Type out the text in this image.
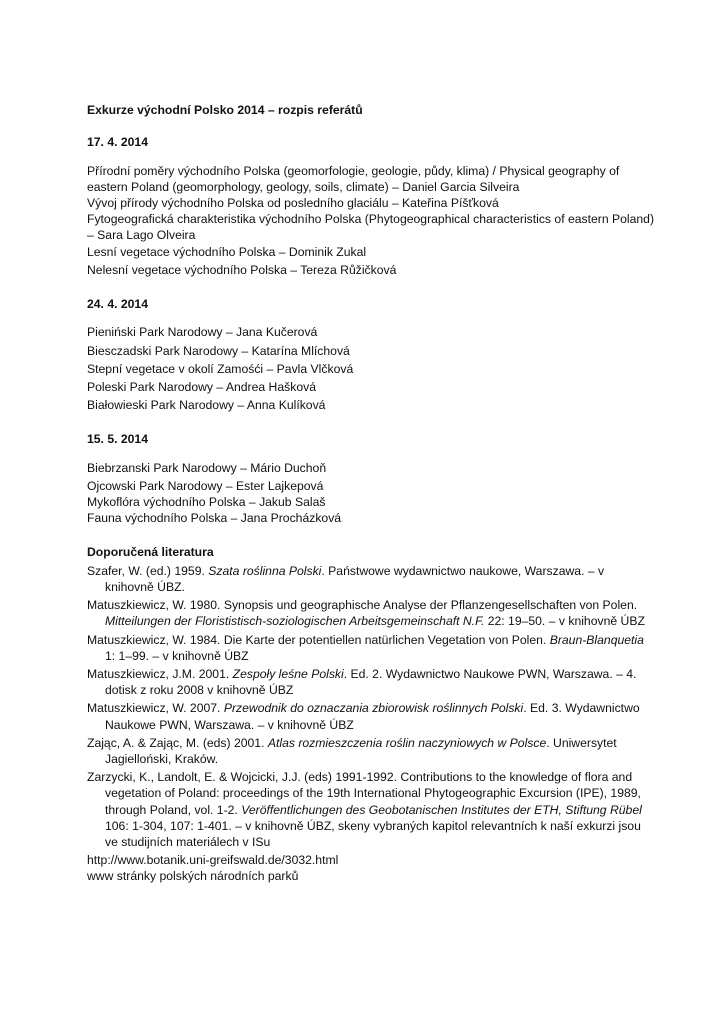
Exkurze východní Polsko 2014 – rozpis referátů

17. 4. 2014

Přírodní poměry východního Polska (geomorfologie, geologie, půdy, klima) / Physical geography of eastern Poland (geomorphology, geology, soils, climate) – Daniel Garcia Silveira

Vývoj přírody východního Polska od posledního glaciálu – Kateřina Píšťková

Fytogeografická charakteristika východního Polska (Phytogeographical characteristics of eastern Poland) – Sara Lago Olveira

Lesní vegetace východního Polska – Dominik Zukal

Nelesní vegetace východního Polska – Tereza Růžičková

24. 4. 2014

Pieniński Park Narodowy – Jana Kučerová

Biesczadski Park Narodowy – Katarína Mlíchová

Stepní vegetace v okolí Zamośći – Pavla Vlčková

Poleski Park Narodowy – Andrea Hašková

Białowieski Park Narodowy – Anna Kulíková

15. 5. 2014

Biebrzanski Park Narodowy – Mário Duchoň

Ojcowski Park Narodowy – Ester Lajkepová

Mykoflóra východního Polska – Jakub Salaš

Fauna východního Polska – Jana Procházková

Doporučená literatura

Szafer, W. (ed.) 1959. Szata roślinna Polski. Państwowe wydawnictwo naukowe, Warszawa. – v knihovně ÚBZ.

Matuszkiewicz, W. 1980. Synopsis und geographische Analyse der Pflanzengesellschaften von Polen. Mitteilungen der Florististisch-soziologischen Arbeitsgemeinschaft N.F. 22: 19–50. – v knihovně ÚBZ

Matuszkiewicz, W. 1984. Die Karte der potentiellen natürlichen Vegetation von Polen. Braun-Blanquetia 1: 1–99. – v knihovně ÚBZ

Matuszkiewicz, J.M. 2001. Zespoły leśne Polski. Ed. 2. Wydawnictwo Naukowe PWN, Warszawa. – 4. dotisk z roku 2008 v knihovně ÚBZ

Matuszkiewicz, W. 2007. Przewodnik do oznaczania zbiorowisk roślinnych Polski. Ed. 3. Wydawnictwo Naukowe PWN, Warszawa. – v knihovně ÚBZ

Zając, A. & Zając, M. (eds) 2001. Atlas rozmieszczenia roślin naczyniowych w Polsce. Uniwersytet Jagielloński, Kraków.

Zarzycki, K., Landolt, E. & Wojcicki, J.J. (eds) 1991-1992. Contributions to the knowledge of flora and vegetation of Poland: proceedings of the 19th International Phytogeographic Excursion (IPE), 1989, through Poland, vol. 1-2. Veröffentlichungen des Geobotanischen Institutes der ETH, Stiftung Rübel 106: 1-304, 107: 1-401. – v knihovně ÚBZ, skeny vybraných kapitol relevantních k naší exkurzi jsou ve studijních materiálech v ISu

http://www.botanik.uni-greifswald.de/3032.html

www stránky polských národních parků
